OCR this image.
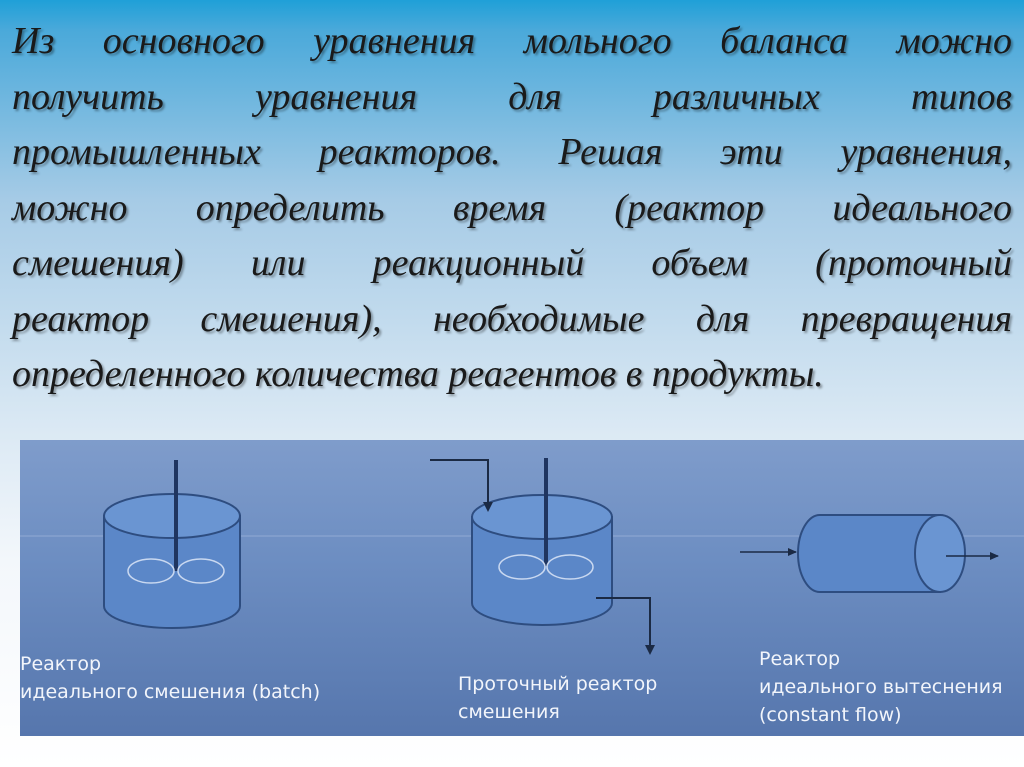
Из основного уравнения мольного баланса можно
получить уравнения для различных типов
промышленных реакторов. Решая эти уравнения,
можно определить время (реактор идеального
смешения) или реакционный объем (проточный
реактор смешения), необходимые для превращения
определенного количества реагентов в продукты.
Реактор
идеального смешения (batch)	Проточный реактор
смешения
Реактор
идеального вытеснения
(constant flow)
